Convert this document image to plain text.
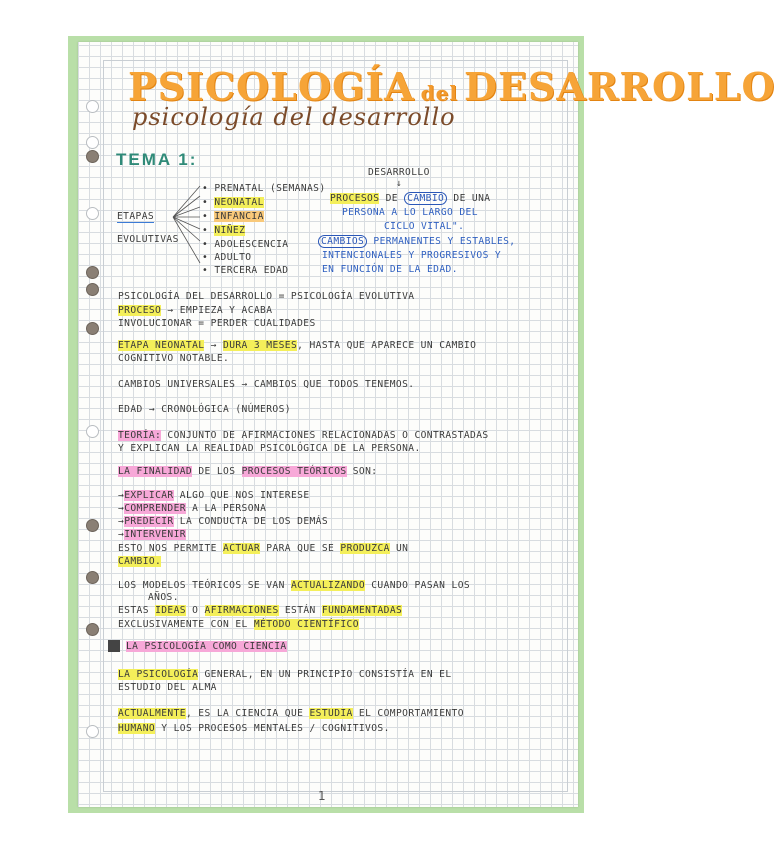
PSICOLOGÍA del DESARROLLO
psicología del desarrollo
TEMA 1:
ETAPAS
EVOLUTIVAS
• PRENATAL (SEMANAS)
• NEONATAL
• INFANCIA
• NIÑEZ
• ADOLESCENCIA
• ADULTO
• TERCERA EDAD
DESARROLLO
↓
PROCESOS DE CAMBIO DE UNA
PERSONA A LO LARGO DEL
CICLO VITAL".
CAMBIOS PERMANENTES Y ESTABLES,
INTENCIONALES Y PROGRESIVOS Y
EN FUNCIÓN DE LA EDAD.
PSICOLOGÍA DEL DESARROLLO = PSICOLOGÍA EVOLUTIVA
PROCESO → EMPIEZA Y ACABA
INVOLUCIONAR = PERDER CUALIDADES
ETAPA NEONATAL → DURA 3 MESES, HASTA QUE APARECE UN CAMBIO
COGNITIVO NOTABLE.
CAMBIOS UNIVERSALES → CAMBIOS QUE TODOS TENEMOS.
EDAD → CRONOLÓGICA (NÚMEROS)
TEORÍA: CONJUNTO DE AFIRMACIONES RELACIONADAS O CONTRASTADAS
Y EXPLICAN LA REALIDAD PSICOLÓGICA DE LA PERSONA.
LA FINALIDAD DE LOS PROCESOS TEÓRICOS SON:
→EXPLICAR ALGO QUE NOS INTERESE
→COMPRENDER A LA PERSONA
→PREDECIR LA CONDUCTA DE LOS DEMÁS
→INTERVENIR
ESTO NOS PERMITE ACTUAR PARA QUE SE PRODUZCA UN
CAMBIO.
LOS MODELOS TEÓRICOS SE VAN ACTUALIZANDO CUANDO PASAN LOS
AÑOS.
ESTAS IDEAS O AFIRMACIONES ESTÁN FUNDAMENTADAS
EXCLUSIVAMENTE CON EL MÉTODO CIENTÍFICO
LA PSICOLOGÍA COMO CIENCIA
LA PSICOLOGÍA GENERAL, EN UN PRINCIPIO CONSISTÍA EN EL
ESTUDIO DEL ALMA
ACTUALMENTE, ES LA CIENCIA QUE ESTUDIA EL COMPORTAMIENTO
HUMANO Y LOS PROCESOS MENTALES / COGNITIVOS.
1
